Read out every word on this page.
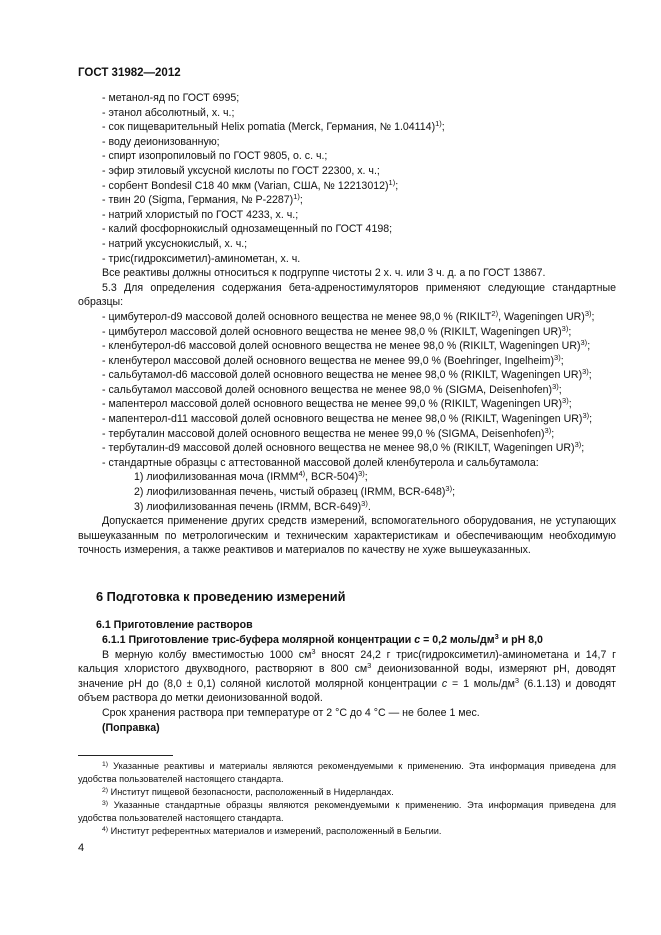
ГОСТ 31982—2012
- метанол-яд по ГОСТ 6995;
- этанол абсолютный, х. ч.;
- сок пищеварительный Helix pomatia (Merck, Германия, № 1.04114)$^{1)}$;
- воду деионизованную;
- спирт изопропиловый по ГОСТ 9805, о. с. ч.;
- эфир этиловый уксусной кислоты по ГОСТ 22300, х. ч.;
- сорбент Bondesil C18 40 мкм (Varian, США, № 12213012)$^{1)}$;
- твин 20 (Sigma, Германия, № P-2287)$^{1)}$;
- натрий хлористый по ГОСТ 4233, х. ч.;
- калий фосфорнокислый однозамещенный по ГОСТ 4198;
- натрий уксуснокислый, х. ч.;
- трис(гидроксиметил)-аминометан, х. ч.
Все реактивы должны относиться к подгруппе чистоты 2 х. ч. или 3 ч. д. а по ГОСТ 13867.
5.3 Для определения содержания бета-адреностимуляторов применяют следующие стандартные образцы:
- цимбутерол-d9 массовой долей основного вещества не менее 98,0 % (RIKILT$^{2)}$, Wageningen UR)$^{3)}$;
- цимбутерол массовой долей основного вещества не менее 98,0 % (RIKILT, Wageningen UR)$^{3)}$;
- кленбутерол-d6 массовой долей основного вещества не менее 98,0 % (RIKILT, Wageningen UR)$^{3)}$;
- кленбутерол массовой долей основного вещества не менее 99,0 % (Boehringer, Ingelheim)$^{3)}$;
- сальбутамол-d6 массовой долей основного вещества не менее 98,0 % (RIKILT, Wageningen UR)$^{3)}$;
- сальбутамол массовой долей основного вещества не менее 98,0 % (SIGMA, Deisenhofen)$^{3)}$;
- мапентерол массовой долей основного вещества не менее 99,0 % (RIKILT, Wageningen UR)$^{3)}$;
- мапентерол-d11 массовой долей основного вещества не менее 98,0 % (RIKILT, Wageningen UR)$^{3)}$;
- тербуталин массовой долей основного вещества не менее 99,0 % (SIGMA, Deisenhofen)$^{3)}$;
- тербуталин-d9 массовой долей основного вещества не менее 98,0 % (RIKILT, Wageningen UR)$^{3)}$;
- стандартные образцы с аттестованной массовой долей кленбутерола и сальбутамола:
1) лиофилизованная моча (IRMM$^{4)}$, BCR-504)$^{3)}$;
2) лиофилизованная печень, чистый образец (IRMM, BCR-648)$^{3)}$;
3) лиофилизованная печень (IRMM, BCR-649)$^{3)}$.
Допускается применение других средств измерений, вспомогательного оборудования, не уступающих вышеуказанным по метрологическим и техническим характеристикам и обеспечивающим необходимую точность измерения, а также реактивов и материалов по качеству не хуже вышеуказанных.
6 Подготовка к проведению измерений
6.1 Приготовление растворов
6.1.1 Приготовление трис-буфера молярной концентрации c = 0,2 моль/$дм^3$ и рН 8,0
В мерную колбу вместимостью 1000 $см^3$ вносят 24,2 г трис(гидроксиметил)-аминометана и 14,7 г кальция хлористого двухводного, растворяют в 800 $см^3$ деионизованной воды, измеряют рН, доводят значение рН до (8,0 ± 0,1) соляной кислотой молярной концентрации c = 1 моль/$дм^3$ (6.1.13) и доводят объем раствора до метки деионизованной водой.
Срок хранения раствора при температуре от 2 °С до 4 °С — не более 1 мес.
(Поправка)
$^{1)}$ Указанные реактивы и материалы являются рекомендуемыми к применению. Эта информация приведена для удобства пользователей настоящего стандарта.
$^{2)}$ Институт пищевой безопасности, расположенный в Нидерландах.
$^{3)}$ Указанные стандартные образцы являются рекомендуемыми к применению. Эта информация приведена для удобства пользователей настоящего стандарта.
$^{4)}$ Институт референтных материалов и измерений, расположенный в Бельгии.
4
